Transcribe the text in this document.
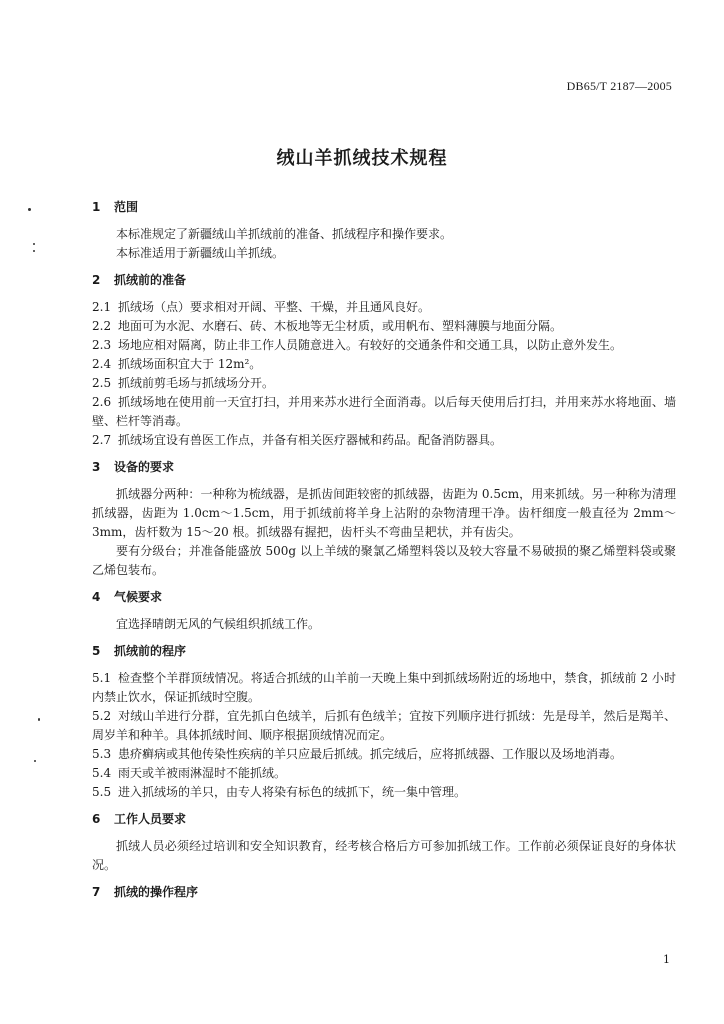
DB65/T 2187—2005
绒山羊抓绒技术规程

1 范围

本标准规定了新疆绒山羊抓绒前的准备、抓绒程序和操作要求。

本标准适用于新疆绒山羊抓绒。

2 抓绒前的准备

2.1 抓绒场（点）要求相对开阔、平整、干燥，并且通风良好。

2.2 地面可为水泥、水磨石、砖、木板地等无尘材质，或用帆布、塑料薄膜与地面分隔。

2.3 场地应相对隔离，防止非工作人员随意进入。有较好的交通条件和交通工具，以防止意外发生。

2.4 抓绒场面积宜大于 12m²。

2.5 抓绒前剪毛场与抓绒场分开。

2.6 抓绒场地在使用前一天宜打扫，并用来苏水进行全面消毒。以后每天使用后打扫，并用来苏水将地面、墙壁、栏杆等消毒。

2.7 抓绒场宜设有兽医工作点，并备有相关医疗器械和药品。配备消防器具。

3 设备的要求

抓绒器分两种：一种称为梳绒器，是抓齿间距较密的抓绒器，齿距为 0.5cm，用来抓绒。另一种称为清理抓绒器，齿距为 1.0cm～1.5cm，用于抓绒前将羊身上沾附的杂物清理干净。齿杆细度一般直径为 2mm～3mm，齿杆数为 15～20 根。抓绒器有握把，齿杆头不弯曲呈耙状，并有齿尖。

要有分级台；并准备能盛放 500g 以上羊绒的聚氯乙烯塑料袋以及较大容量不易破损的聚乙烯塑料袋或聚乙烯包装布。

4 气候要求

宜选择晴朗无风的气候组织抓绒工作。

5 抓绒前的程序

5.1 检查整个羊群顶绒情况。将适合抓绒的山羊前一天晚上集中到抓绒场附近的场地中，禁食，抓绒前 2 小时内禁止饮水，保证抓绒时空腹。

5.2 对绒山羊进行分群，宜先抓白色绒羊，后抓有色绒羊；宜按下列顺序进行抓绒：先是母羊，然后是羯羊、周岁羊和种羊。具体抓绒时间、顺序根据顶绒情况而定。

5.3 患疥癣病或其他传染性疾病的羊只应最后抓绒。抓完绒后，应将抓绒器、工作服以及场地消毒。

5.4 雨天或羊被雨淋湿时不能抓绒。

5.5 进入抓绒场的羊只，由专人将染有标色的绒抓下，统一集中管理。

6 工作人员要求

抓绒人员必须经过培训和安全知识教育，经考核合格后方可参加抓绒工作。工作前必须保证良好的身体状况。

7 抓绒的操作程序

1
